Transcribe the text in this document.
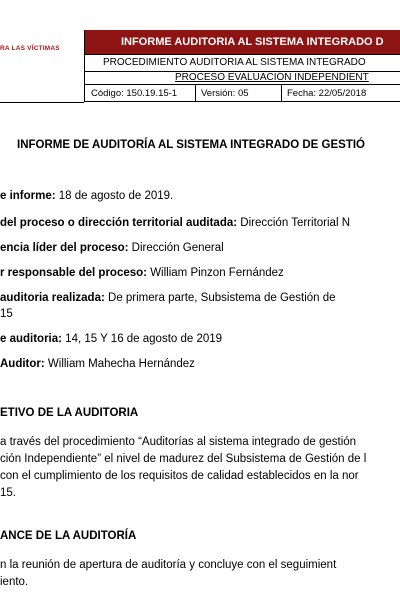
RA LAS VÍCTIMAS
INFORME AUDITORIA AL SISTEMA INTEGRADO D
PROCEDIMIENTO AUDITORIA AL SISTEMA INTEGRADO
PROCESO EVALUACIÓN INDEPENDIENT
Código: 150.19.15-1	Versión: 05	Fecha: 22/05/2018
INFORME DE AUDITORÍA AL SISTEMA INTEGRADO DE GESTIÓ
e informe: 18 de agosto de 2019.
del proceso o dirección territorial auditada: Dirección Territorial N
encia líder del proceso: Dirección General
r responsable del proceso: William Pinzon Fernández
auditoria realizada: De primera parte, Subsistema de Gestión de
15
e auditoria: 14, 15 Y 16 de agosto de 2019
Auditor: William Mahecha Hernández
ETIVO DE LA AUDITORIA
a través del procedimiento “Auditorías al sistema integrado de gestión
ción Independiente” el nivel de madurez del Subsistema de Gestión de l
con el cumplimiento de los requisitos de calidad establecidos en la nor
15.
ANCE DE LA AUDITORÍA
n la reunión de apertura de auditoría y concluye con el seguimient
iento.
